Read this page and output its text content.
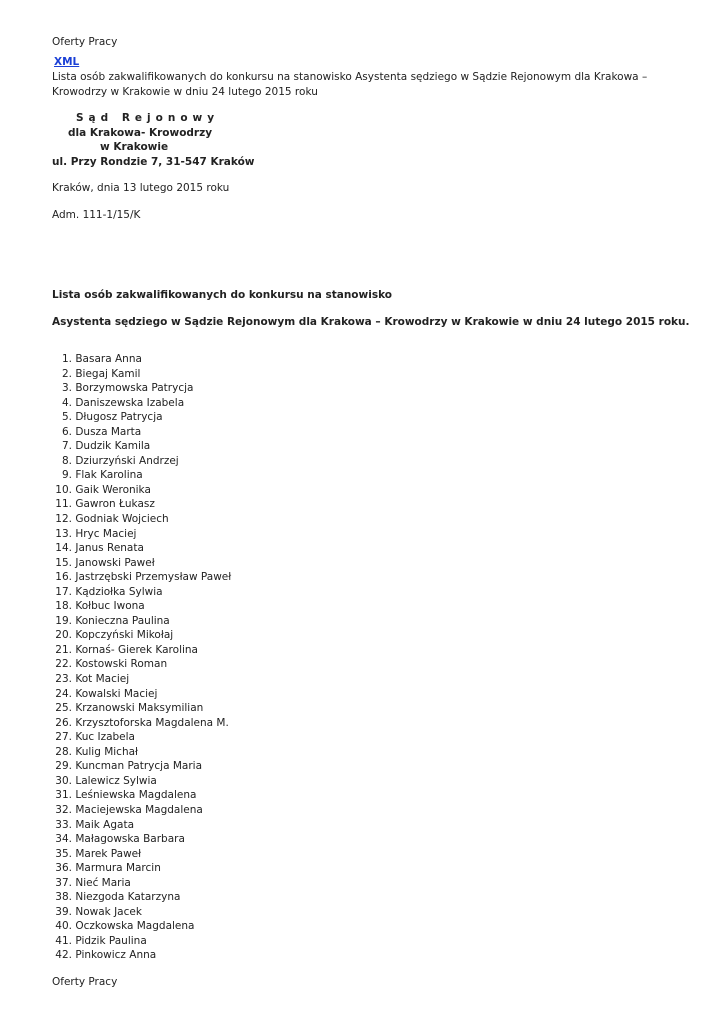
Oferty Pracy
XML
Lista osób zakwalifikowanych do konkursu na stanowisko Asystenta sędziego w Sądzie Rejonowym dla Krakowa – Krowodrzy w Krakowie w dniu 24 lutego 2015 roku
Sąd Rejonowy
dla Krakowa- Krowodrzy
w Krakowie
ul. Przy Rondzie 7, 31-547 Kraków
Kraków, dnia 13 lutego 2015 roku
Adm. 111-1/15/K
Lista osób zakwalifikowanych do konkursu na stanowisko
Asystenta sędziego w Sądzie Rejonowym dla Krakowa – Krowodrzy w Krakowie w dniu 24 lutego 2015 roku.
1. Basara Anna
2. Biegaj Kamil
3. Borzymowska Patrycja
4. Daniszewska Izabela
5. Długosz Patrycja
6. Dusza Marta
7. Dudzik Kamila
8. Dziurzyński Andrzej
9. Flak Karolina
10. Gaik Weronika
11. Gawron Łukasz
12. Godniak Wojciech
13. Hryc Maciej
14. Janus Renata
15. Janowski Paweł
16. Jastrzębski Przemysław Paweł
17. Kądziołka Sylwia
18. Kołbuc Iwona
19. Konieczna Paulina
20. Kopczyński Mikołaj
21. Kornaś- Gierek Karolina
22. Kostowski Roman
23. Kot Maciej
24. Kowalski Maciej
25. Krzanowski Maksymilian
26. Krzysztoforska Magdalena M.
27. Kuc Izabela
28. Kulig Michał
29. Kuncman Patrycja Maria
30. Lalewicz Sylwia
31. Leśniewska Magdalena
32. Maciejewska Magdalena
33. Maik Agata
34. Małagowska Barbara
35. Marek Paweł
36. Marmura Marcin
37. Nieć Maria
38. Niezgoda Katarzyna
39. Nowak Jacek
40. Oczkowska Magdalena
41. Pidzik Paulina
42. Pinkowicz Anna
Oferty Pracy
